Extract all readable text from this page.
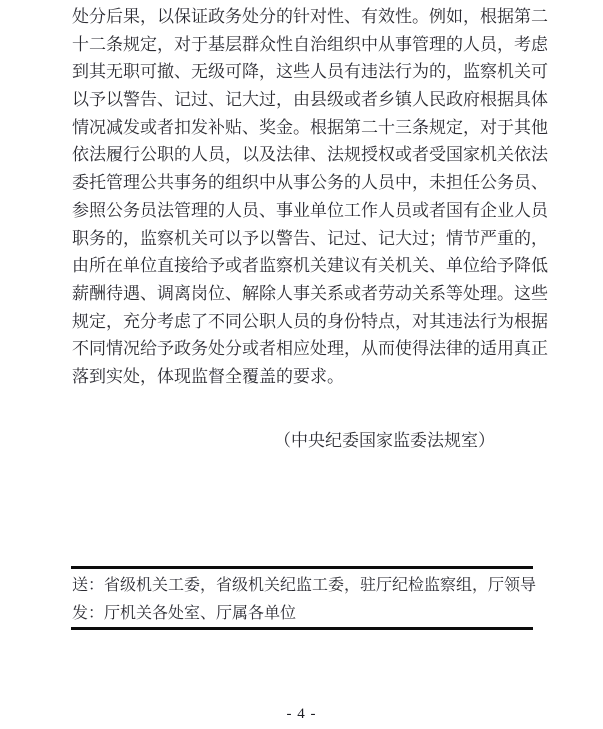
处分后果，以保证政务处分的针对性、有效性。例如，根据第二
十二条规定，对于基层群众性自治组织中从事管理的人员，考虑
到其无职可撤、无级可降，这些人员有违法行为的，监察机关可
以予以警告、记过、记大过，由县级或者乡镇人民政府根据具体
情况减发或者扣发补贴、奖金。根据第二十三条规定，对于其他
依法履行公职的人员，以及法律、法规授权或者受国家机关依法
委托管理公共事务的组织中从事公务的人员中，未担任公务员、
参照公务员法管理的人员、事业单位工作人员或者国有企业人员
职务的，监察机关可以予以警告、记过、记大过；情节严重的，
由所在单位直接给予或者监察机关建议有关机关、单位给予降低
薪酬待遇、调离岗位、解除人事关系或者劳动关系等处理。这些
规定，充分考虑了不同公职人员的身份特点，对其违法行为根据
不同情况给予政务处分或者相应处理，从而使得法律的适用真正
落到实处，体现监督全覆盖的要求。
（中央纪委国家监委法规室）
送：省级机关工委，省级机关纪监工委，驻厅纪检监察组，厅领导
发：厅机关各处室、厅属各单位
- 4 -
